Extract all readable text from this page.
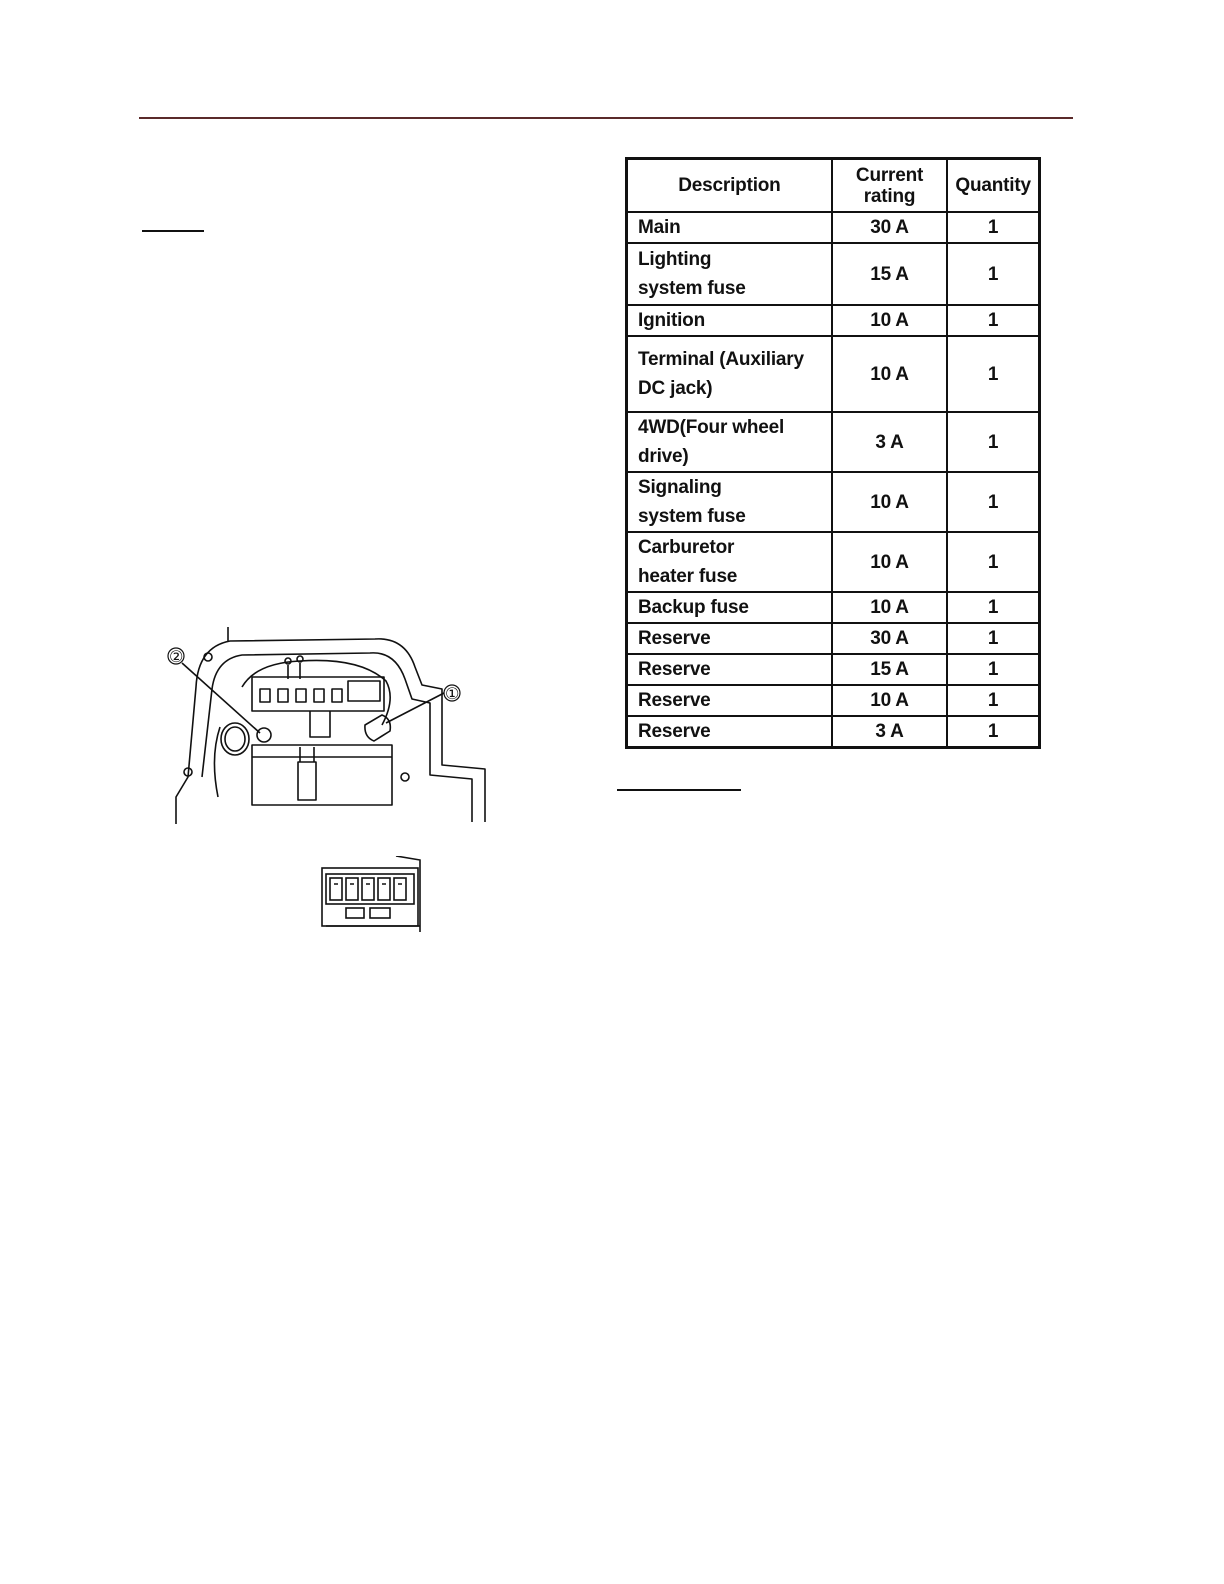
Description	Current rating	Quantity
Main	30 A	1
Lighting system fuse	15 A	1
Ignition	10 A	1
Terminal (Auxiliary DC jack)	10 A	1
4WD(Four wheel drive)	3 A	1
Signaling system fuse	10 A	1
Carburetor heater fuse	10 A	1
Backup fuse	10 A	1
Reserve	30 A	1
Reserve	15 A	1
Reserve	10 A	1
Reserve	3 A	1
②
①
